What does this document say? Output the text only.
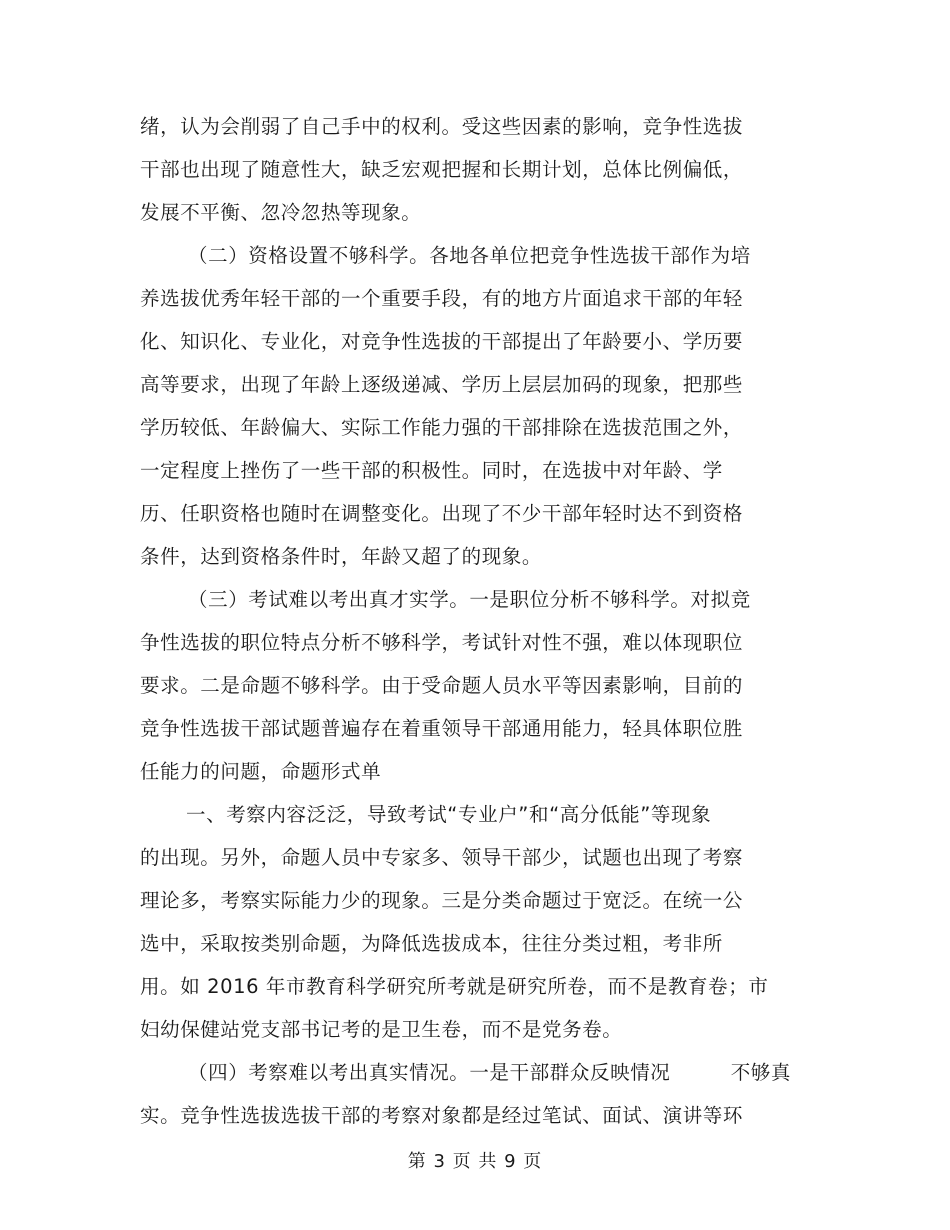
绪，认为会削弱了自己手中的权利。受这些因素的影响，竞争性选拔
干部也出现了随意性大，缺乏宏观把握和长期计划，总体比例偏低，
发展不平衡、忽冷忽热等现象。
（二）资格设置不够科学。各地各单位把竞争性选拔干部作为培
养选拔优秀年轻干部的一个重要手段，有的地方片面追求干部的年轻
化、知识化、专业化，对竞争性选拔的干部提出了年龄要小、学历要
高等要求，出现了年龄上逐级递减、学历上层层加码的现象，把那些
学历较低、年龄偏大、实际工作能力强的干部排除在选拔范围之外，
一定程度上挫伤了一些干部的积极性。同时，在选拔中对年龄、学
历、任职资格也随时在调整变化。出现了不少干部年轻时达不到资格
条件，达到资格条件时，年龄又超了的现象。
（三）考试难以考出真才实学。一是职位分析不够科学。对拟竞
争性选拔的职位特点分析不够科学，考试针对性不强，难以体现职位
要求。二是命题不够科学。由于受命题人员水平等因素影响，目前的
竞争性选拔干部试题普遍存在着重领导干部通用能力，轻具体职位胜
任能力的问题，命题形式单
一、考察内容泛泛，导致考试“专业户”和“高分低能”等现象
的出现。另外，命题人员中专家多、领导干部少，试题也出现了考察
理论多，考察实际能力少的现象。三是分类命题过于宽泛。在统一公
选中，采取按类别命题，为降低选拔成本，往往分类过粗，考非所
用。如 2016 年市教育科学研究所考就是研究所卷，而不是教育卷；市
妇幼保健站党支部书记考的是卫生卷，而不是党务卷。
（四）考察难以考出真实情况。一是干部群众反映情况　　　不够真
实。竞争性选拔选拔干部的考察对象都是经过笔试、面试、演讲等环
第 3 页 共 9 页
